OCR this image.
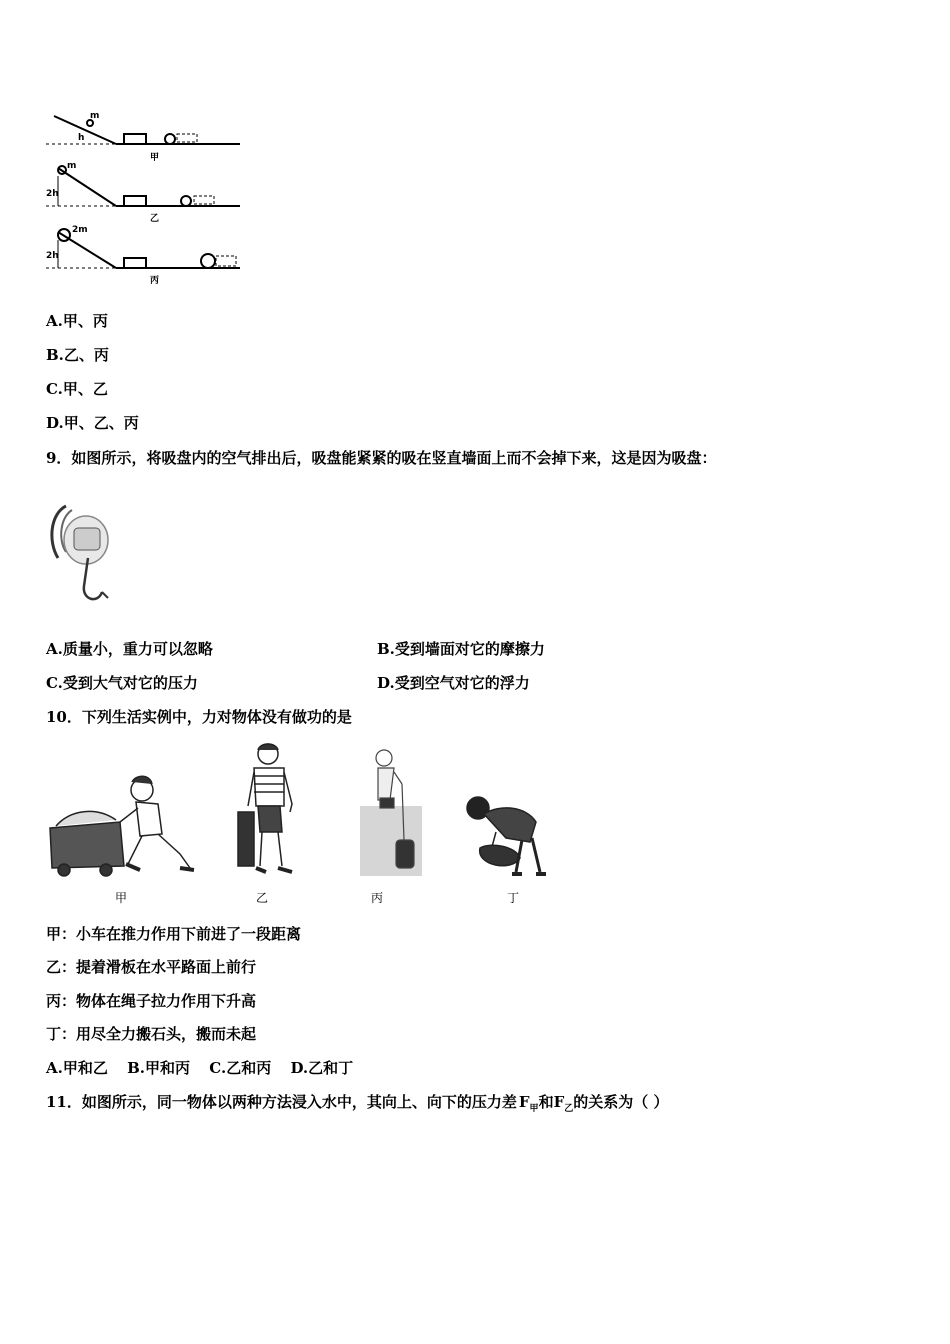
m
h
甲
m
2h
乙
2m
2h
丙
A.甲、丙
B.乙、丙
C.甲、乙
D.甲、乙、丙
9．如图所示，将吸盘内的空气排出后，吸盘能紧紧的吸在竖直墙面上而不会掉下来，这是因为吸盘：
A.质量小，重力可以忽略	B.受到墙面对它的摩擦力
C.受到大气对它的压力	D.受到空气对它的浮力
10．下列生活实例中，力对物体没有做功的是
甲	乙	丙	丁
甲：小车在推力作用下前进了一段距离
乙：提着滑板在水平路面上前行
丙：物体在绳子拉力作用下升高
丁：用尽全力搬石头，搬而未起
A.甲和乙 B.甲和丙 C.乙和丙 D.乙和丁
11．如图所示，同一物体以两种方法浸入水中，其向上、向下的压力差 $F_甲$和$F_乙$的关系为（ ）
